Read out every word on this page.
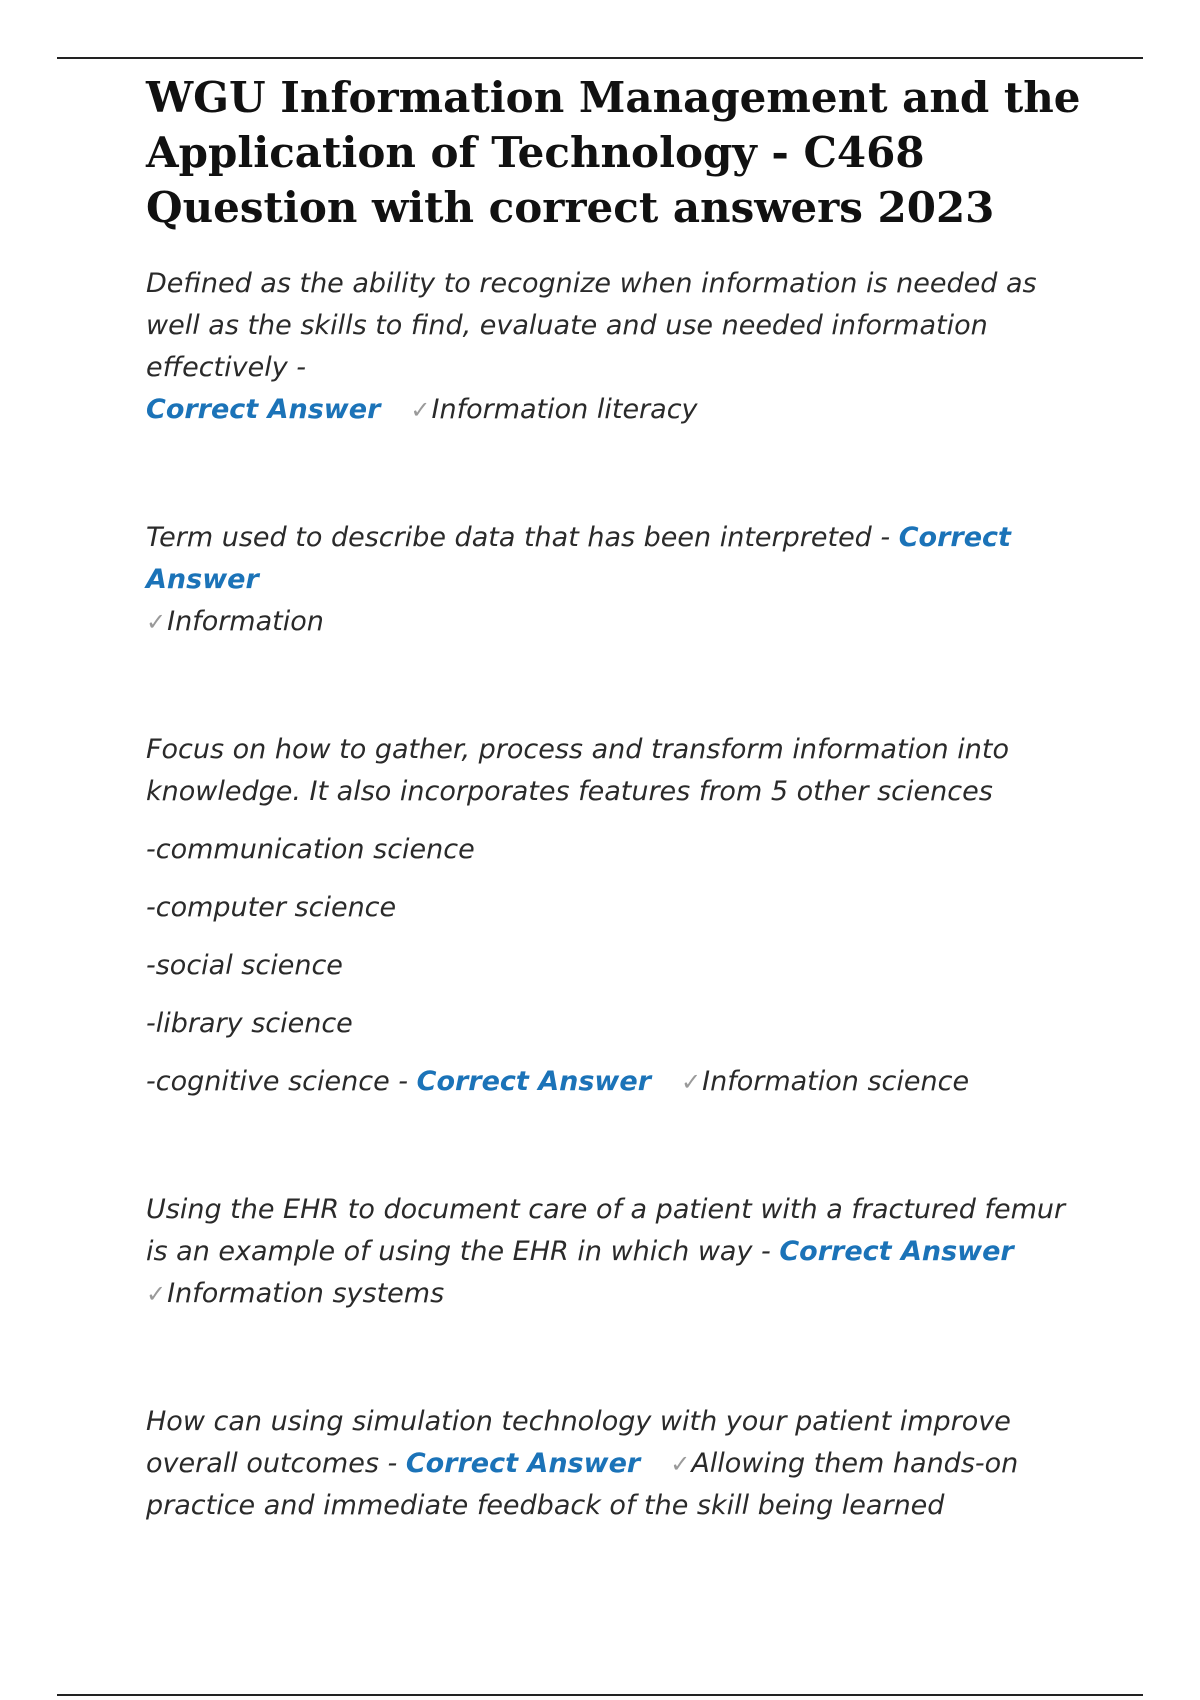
WGU Information Management and the Application of Technology - C468 Question with correct answers 2023

Defined as the ability to recognize when information is needed as well as the skills to find, evaluate and use needed information effectively -
Correct Answer ✓Information literacy

Term used to describe data that has been interpreted - Correct Answer
✓Information

Focus on how to gather, process and transform information into knowledge. It also incorporates features from 5 other sciences

-communication science

-computer science

-social science

-library science

-cognitive science - Correct Answer ✓Information science

Using the EHR to document care of a patient with a fractured femur is an example of using the EHR in which way - Correct Answer
✓Information systems

How can using simulation technology with your patient improve overall outcomes - Correct Answer ✓Allowing them hands-on practice and immediate feedback of the skill being learned
